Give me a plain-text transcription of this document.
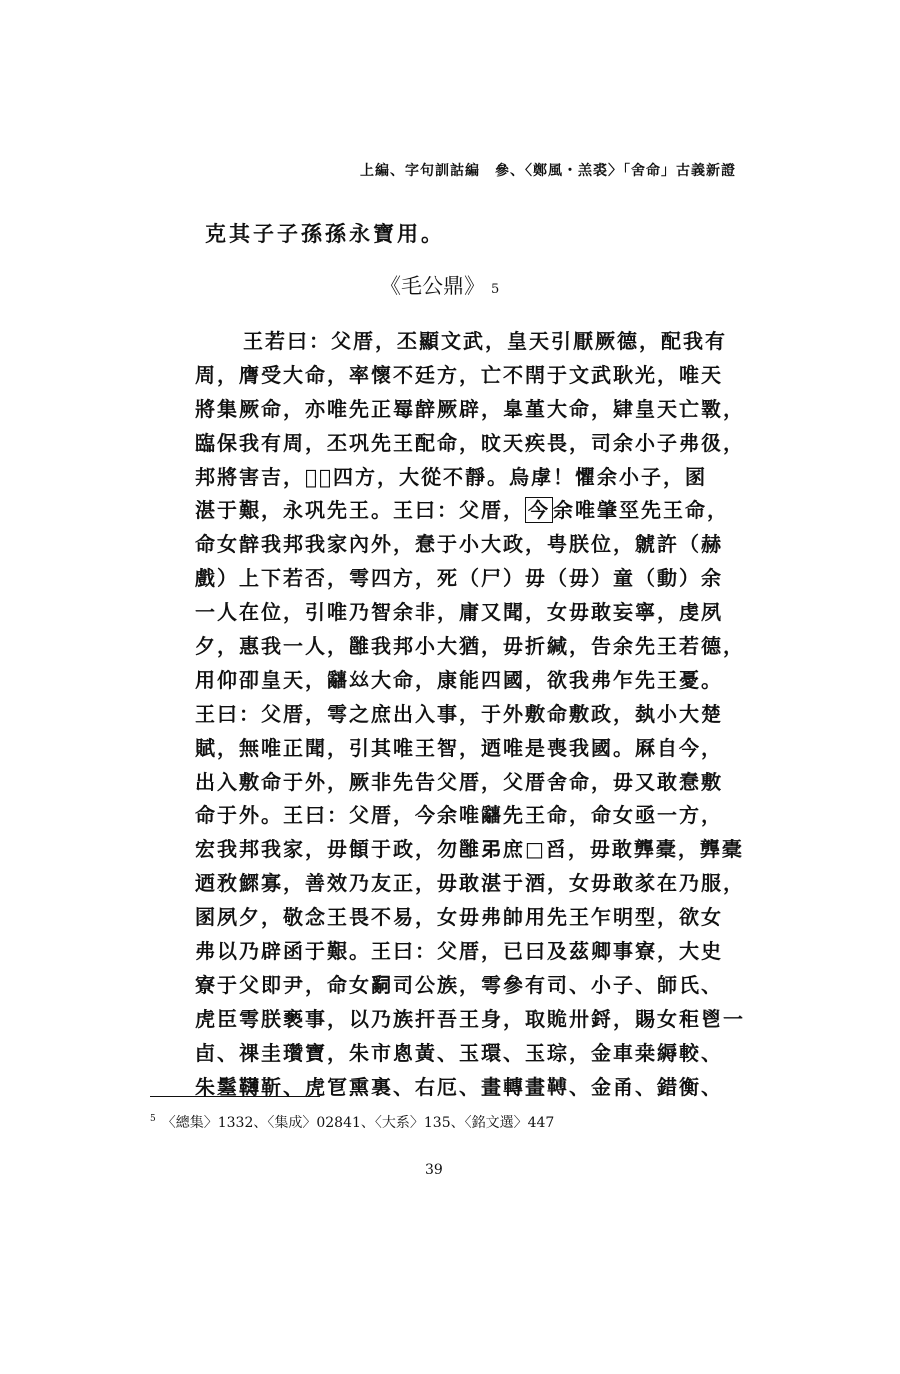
上編、字句訓詁編　參、〈鄭風・羔裘〉「舍命」古義新證
克其子子孫孫永寶用。
《毛公鼎》 5
王若曰：父厝，丕顯文武，皇天引厭厥德，配我有
周，膺受大命，率懷不廷方，亡不閈于文武耿光，唯天
將集厥命，亦唯先正䍙辪厥辟，𦤎堇大命，肄皇天亡斁，
臨保我有周，丕巩先王配命，旼天疾畏，司余小子弗彶，
邦將害吉，𨶾𨶾四方，大從不靜。烏虖！懼余小子，圂
湛于艱，永巩先王。王曰：父厝， 今 余唯肇巠先王命，
命女辪我邦我家內外，惷于小大政，甹朕位，虩許（赫
戲）上下若否，雩四方，死（尸）毋（毋）童（動）余
一人在位，引唯乃智余非，庸又聞，女毋敢妄寧，虔夙
夕，惠我一人，雝我邦小大猶，毋折緘，告余先王若德，
用仰卲皇天，𤕌𢆶大命，康能四國，欲我弗乍先王憂。
王曰：父厝，雩之庶出入事，于外敷命敷政，埶小大楚
賦，無唯正聞，引其唯王智，迺唯是喪我國。厤自今，
出入敷命于外，厥非先告父厝，父厝舍命，毋又敢惷敷
命于外。王曰：父厝，今余唯𤕌先王命，命女亟一方，
宏我邦我家，毋顀于政，勿雝𢎨庶□舀，毋敢龏橐，龏橐
迺敄鰥寡，善效乃友正，毋敢湛于酒，女毋敢㒸在乃服，
圂夙夕，敬念王畏不易，女毋弗帥用先王乍明型，欲女
弗以乃辟函于艱。王曰：父厝，已曰及茲卿事寮，大史
寮于父即尹，命女𤔲司公族，雩參有司、小子、師氏、
虎臣雩朕褻事，以乃族扞吾王身，取𧵥卅鋝，賜女秬鬯一
卣、祼圭瓚寶，朱市悤黃、玉環、玉琮，金車桒縟較、
朱䰈𩍿靳、虎冟熏裏、右厄、畫轉畫𩌏、金甬、錯衡、
$^5$ 〈總集〉1332、〈集成〉02841、〈大系〉135、〈銘文選〉447
39
